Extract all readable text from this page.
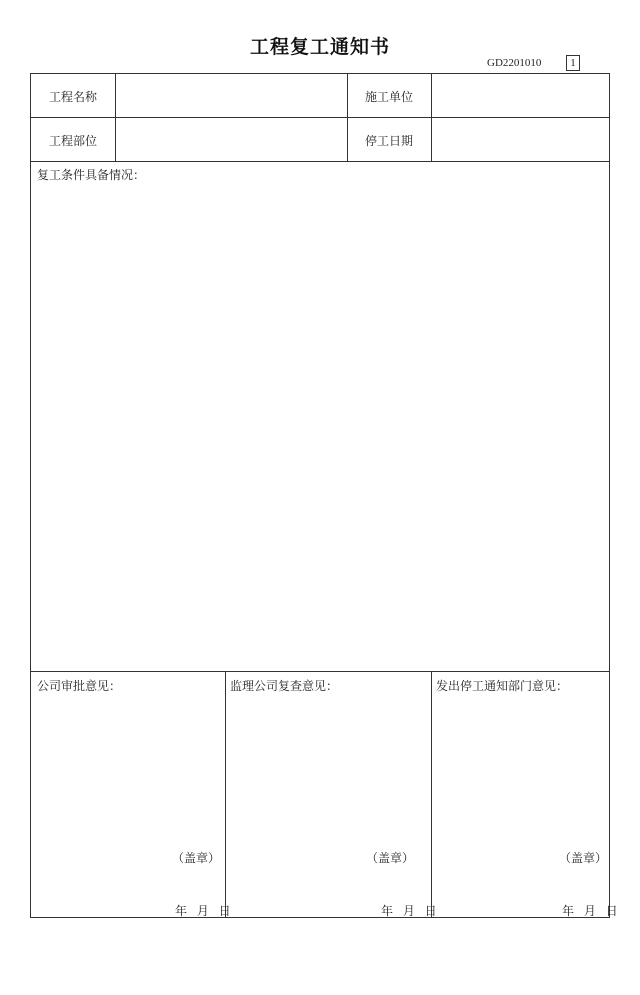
工程复工通知书
GD2201010	1
工程名称	施工单位
工程部位	停工日期
复工条件具备情况：
公司审批意见：
（盖章）
年 月 日
监理公司复查意见：
（盖章）
年 月 日
发出停工通知部门意见：
（盖章）
年 月 日
